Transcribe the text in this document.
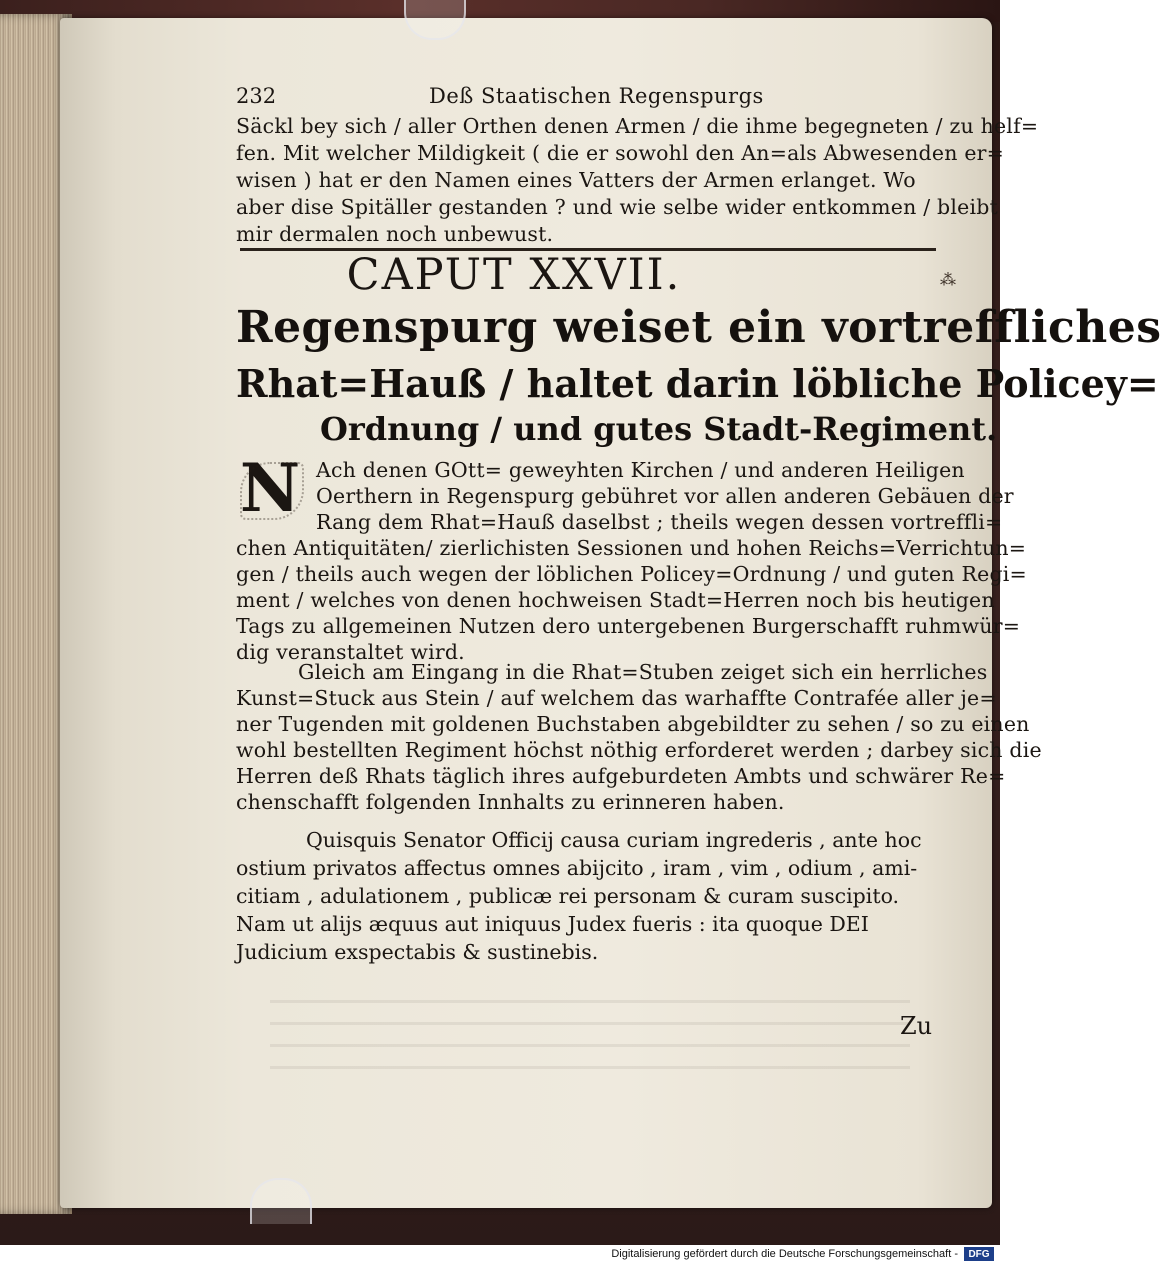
232	Deß Staatischen Regenspurgs
Säckl bey sich / aller Orthen denen Armen / die ihme begegneten / zu helf=
fen. Mit welcher Mildigkeit ( die er sowohl den An=als Abwesenden er=
wisen ) hat er den Namen eines Vatters der Armen erlanget. Wo
aber dise Spitäller gestanden ? und wie selbe wider entkommen / bleibt
mir dermalen noch unbewust.
⁂
CAPUT XXVII.
Regenspurg weiset ein vortreffliches
Rhat=Hauß / haltet darin löbliche Policey=
Ordnung / und gutes Stadt-Regiment.
N Ach denen GOtt= geweyhten Kirchen / und anderen Heiligen
Oerthern in Regenspurg gebühret vor allen anderen Gebäuen der
Rang dem Rhat=Hauß daselbst ; theils wegen dessen vortreffli=
chen Antiquitäten/ zierlichisten Sessionen und hohen Reichs=Verrichtun=
gen / theils auch wegen der löblichen Policey=Ordnung / und guten Regi=
ment / welches von denen hochweisen Stadt=Herren noch bis heutigen
Tags zu allgemeinen Nutzen dero untergebenen Burgerschafft ruhmwür=
dig veranstaltet wird.
Gleich am Eingang in die Rhat=Stuben zeiget sich ein herrliches
Kunst=Stuck aus Stein / auf welchem das warhaffte Contrafée aller je=
ner Tugenden mit goldenen Buchstaben abgebildter zu sehen / so zu einen
wohl bestellten Regiment höchst nöthig erforderet werden ; darbey sich die
Herren deß Rhats täglich ihres aufgeburdeten Ambts und schwärer Re=
chenschafft folgenden Innhalts zu erinneren haben.
Quisquis Senator Officij causa curiam ingrederis , ante hoc
ostium privatos affectus omnes abijcito , iram , vim , odium , ami-
citiam , adulationem , publicæ rei personam & curam suscipito.
Nam ut alijs æquus aut iniquus Judex fueris : ita quoque DEI
Judicium exspectabis & sustinebis.
Zu
Digitalisierung gefördert durch die Deutsche Forschungsgemeinschaft -	DFG
